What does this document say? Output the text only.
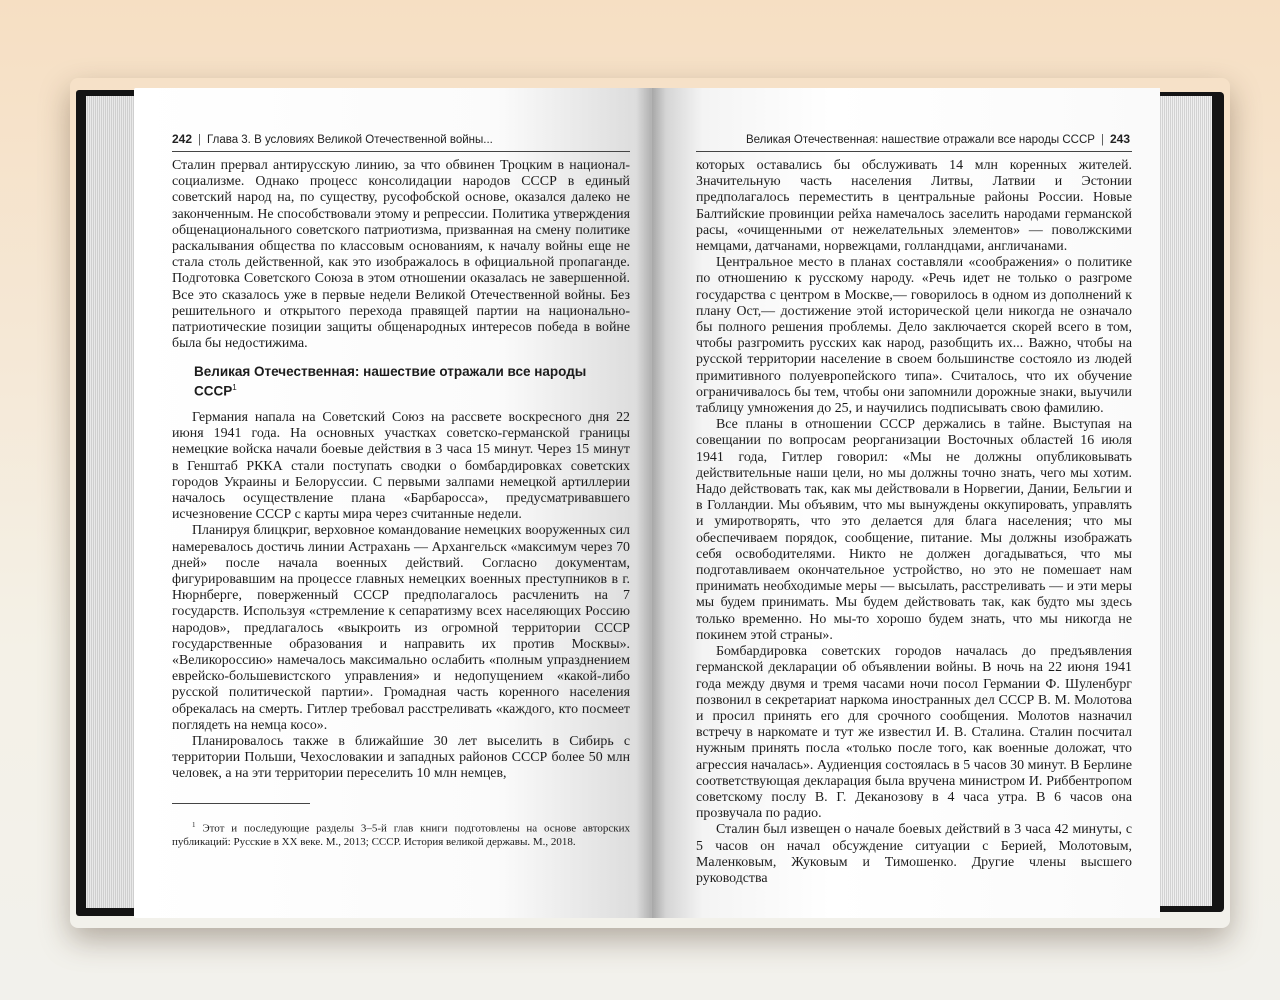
242 | Глава 3. В условиях Великой Отечественной войны...

Сталин прервал антирусскую линию, за что обвинен Троцким в национал-социализме. Однако процесс консолидации народов СССР в единый советский народ на, по существу, русофобской основе, оказался далеко не законченным. Не способствовали этому и репрессии. Политика утверждения общенационального советского патриотизма, призванная на смену политике раскалывания общества по классовым основаниям, к началу войны еще не стала столь действенной, как это изображалось в официальной пропаганде. Подготовка Советского Союза в этом отношении оказалась не завершенной. Все это сказалось уже в первые недели Великой Отечественной войны. Без решительного и открытого перехода правящей партии на национально-патриотические позиции защиты общенародных интересов победа в войне была бы недостижима.

Великая Отечественная: нашествие отражали все народы СССР$^1$

Германия напала на Советский Союз на рассвете воскресного дня 22 июня 1941 года. На основных участках советско-германской границы немецкие войска начали боевые действия в 3 часа 15 минут. Через 15 минут в Генштаб РККА стали поступать сводки о бомбардировках советских городов Украины и Белоруссии. С первыми залпами немецкой артиллерии началось осуществление плана «Барбаросса», предусматривавшего исчезновение СССР с карты мира через считанные недели.

Планируя блицкриг, верховное командование немецких вооруженных сил намеревалось достичь линии Астрахань — Архангельск «максимум через 70 дней» после начала военных действий. Согласно документам, фигурировавшим на процессе главных немецких военных преступников в г. Нюрнберге, поверженный СССР предполагалось расчленить на 7 государств. Используя «стремление к сепаратизму всех населяющих Россию народов», предлагалось «выкроить из огромной территории СССР государственные образования и направить их против Москвы». «Великороссию» намечалось максимально ослабить «полным упразднением еврейско-большевистского управления» и недопущением «какой-либо русской политической партии». Громадная часть коренного населения обрекалась на смерть. Гитлер требовал расстреливать «каждого, кто посмеет поглядеть на немца косо».

Планировалось также в ближайшие 30 лет выселить в Сибирь с территории Польши, Чехословакии и западных районов СССР более 50 млн человек, а на эти территории переселить 10 млн немцев,

$^1$ Этот и последующие разделы 3–5-й глав книги подготовлены на основе авторских публикаций: Русские в XX веке. М., 2013; СССР. История великой державы. М., 2018.

Великая Отечественная: нашествие отражали все народы СССР | 243

которых оставались бы обслуживать 14 млн коренных жителей. Значительную часть населения Литвы, Латвии и Эстонии предполагалось переместить в центральные районы России. Новые Балтийские провинции рейха намечалось заселить народами германской расы, «очищенными от нежелательных элементов» — поволжскими немцами, датчанами, норвежцами, голландцами, англичанами.

Центральное место в планах составляли «соображения» о политике по отношению к русскому народу. «Речь идет не только о разгроме государства с центром в Москве,— говорилось в одном из дополнений к плану Ост,— достижение этой исторической цели никогда не означало бы полного решения проблемы. Дело заключается скорей всего в том, чтобы разгромить русских как народ, разобщить их... Важно, чтобы на русской территории население в своем большинстве состояло из людей примитивного полуевропейского типа». Считалось, что их обучение ограничивалось бы тем, чтобы они запомнили дорожные знаки, выучили таблицу умножения до 25, и научились подписывать свою фамилию.

Все планы в отношении СССР держались в тайне. Выступая на совещании по вопросам реорганизации Восточных областей 16 июля 1941 года, Гитлер говорил: «Мы не должны опубликовывать действительные наши цели, но мы должны точно знать, чего мы хотим. Надо действовать так, как мы действовали в Норвегии, Дании, Бельгии и в Голландии. Мы объявим, что мы вынуждены оккупировать, управлять и умиротворять, что это делается для блага населения; что мы обеспечиваем порядок, сообщение, питание. Мы должны изображать себя освободителями. Никто не должен догадываться, что мы подготавливаем окончательное устройство, но это не помешает нам принимать необходимые меры — высылать, расстреливать — и эти меры мы будем принимать. Мы будем действовать так, как будто мы здесь только временно. Но мы-то хорошо будем знать, что мы никогда не покинем этой страны».

Бомбардировка советских городов началась до предъявления германской декларации об объявлении войны. В ночь на 22 июня 1941 года между двумя и тремя часами ночи посол Германии Ф. Шуленбург позвонил в секретариат наркома иностранных дел СССР В. М. Молотова и просил принять его для срочного сообщения. Молотов назначил встречу в наркомате и тут же известил И. В. Сталина. Сталин посчитал нужным принять посла «только после того, как военные доложат, что агрессия началась». Аудиенция состоялась в 5 часов 30 минут. В Берлине соответствующая декларация была вручена министром И. Риббентропом советскому послу В. Г. Деканозову в 4 часа утра. В 6 часов она прозвучала по радио.

Сталин был извещен о начале боевых действий в 3 часа 42 минуты, с 5 часов он начал обсуждение ситуации с Берией, Молотовым, Маленковым, Жуковым и Тимошенко. Другие члены высшего руководства
